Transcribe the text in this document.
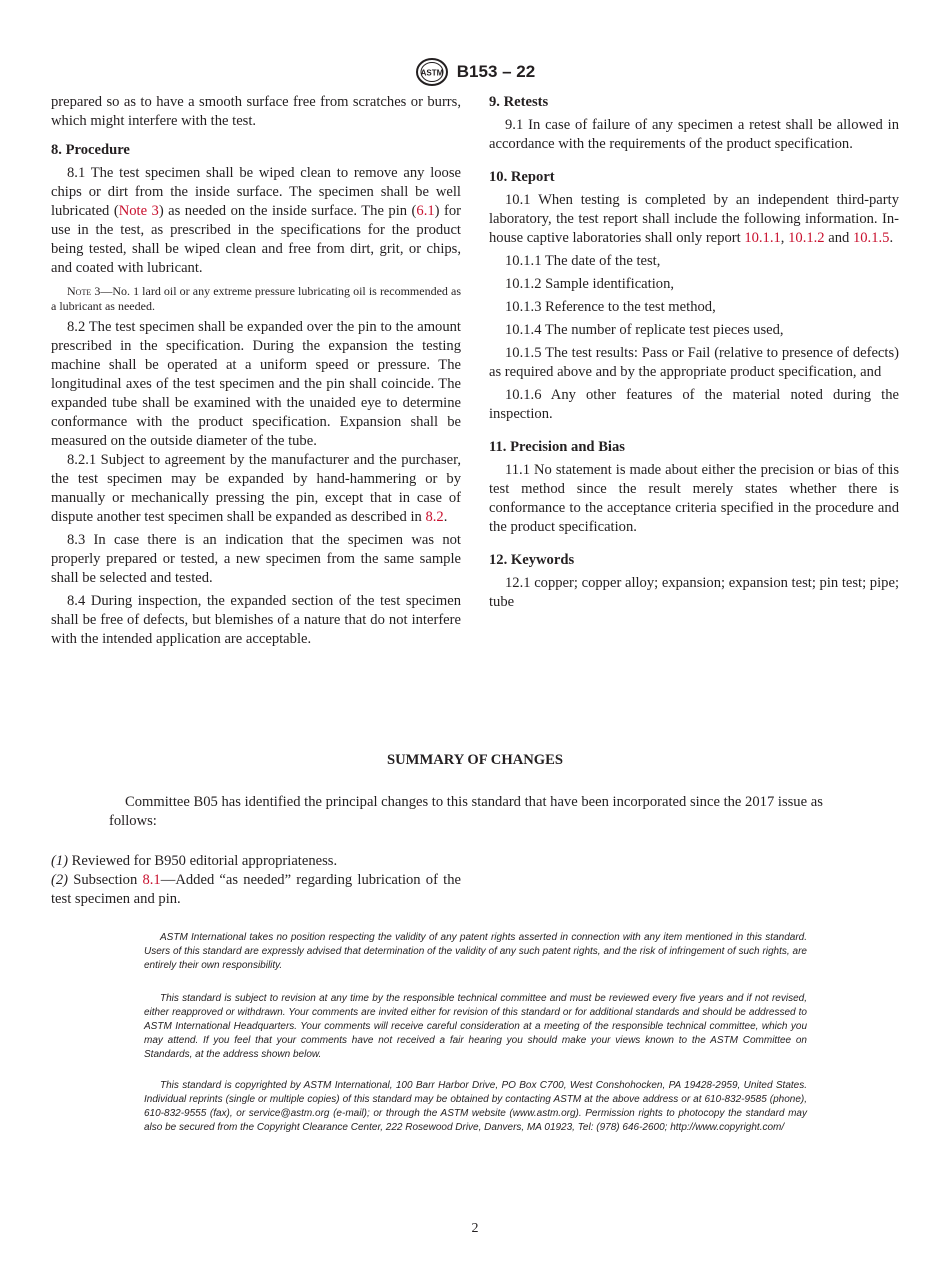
ASTM B153 – 22

prepared so as to have a smooth surface free from scratches or burrs, which might interfere with the test.

8. Procedure

8.1 The test specimen shall be wiped clean to remove any loose chips or dirt from the inside surface. The specimen shall be well lubricated (Note 3) as needed on the inside surface. The pin (6.1) for use in the test, as prescribed in the specifications for the product being tested, shall be wiped clean and free from dirt, grit, or chips, and coated with lubricant.

Note 3—No. 1 lard oil or any extreme pressure lubricating oil is recommended as a lubricant as needed.

8.2 The test specimen shall be expanded over the pin to the amount prescribed in the specification. During the expansion the testing machine shall be operated at a uniform speed or pressure. The longitudinal axes of the test specimen and the pin shall coincide. The expanded tube shall be examined with the unaided eye to determine conformance with the product specification. Expansion shall be measured on the outside diameter of the tube.

8.2.1 Subject to agreement by the manufacturer and the purchaser, the test specimen may be expanded by hand-hammering or by manually or mechanically pressing the pin, except that in case of dispute another test specimen shall be expanded as described in 8.2.

8.3 In case there is an indication that the specimen was not properly prepared or tested, a new specimen from the same sample shall be selected and tested.

8.4 During inspection, the expanded section of the test specimen shall be free of defects, but blemishes of a nature that do not interfere with the intended application are acceptable.

9. Retests

9.1 In case of failure of any specimen a retest shall be allowed in accordance with the requirements of the product specification.

10. Report

10.1 When testing is completed by an independent third-party laboratory, the test report shall include the following information. In-house captive laboratories shall only report 10.1.1, 10.1.2 and 10.1.5.

10.1.1 The date of the test,

10.1.2 Sample identification,

10.1.3 Reference to the test method,

10.1.4 The number of replicate test pieces used,

10.1.5 The test results: Pass or Fail (relative to presence of defects) as required above and by the appropriate product specification, and

10.1.6 Any other features of the material noted during the inspection.

11. Precision and Bias

11.1 No statement is made about either the precision or bias of this test method since the result merely states whether there is conformance to the acceptance criteria specified in the procedure and the product specification.

12. Keywords

12.1 copper; copper alloy; expansion; expansion test; pin test; pipe; tube

SUMMARY OF CHANGES

Committee B05 has identified the principal changes to this standard that have been incorporated since the 2017 issue as follows:

(1) Reviewed for B950 editorial appropriateness.

(2) Subsection 8.1—Added “as needed” regarding lubrication of the test specimen and pin.

ASTM International takes no position respecting the validity of any patent rights asserted in connection with any item mentioned in this standard. Users of this standard are expressly advised that determination of the validity of any such patent rights, and the risk of infringement of such rights, are entirely their own responsibility.

This standard is subject to revision at any time by the responsible technical committee and must be reviewed every five years and if not revised, either reapproved or withdrawn. Your comments are invited either for revision of this standard or for additional standards and should be addressed to ASTM International Headquarters. Your comments will receive careful consideration at a meeting of the responsible technical committee, which you may attend. If you feel that your comments have not received a fair hearing you should make your views known to the ASTM Committee on Standards, at the address shown below.

This standard is copyrighted by ASTM International, 100 Barr Harbor Drive, PO Box C700, West Conshohocken, PA 19428-2959, United States. Individual reprints (single or multiple copies) of this standard may be obtained by contacting ASTM at the above address or at 610-832-9585 (phone), 610-832-9555 (fax), or service@astm.org (e-mail); or through the ASTM website (www.astm.org). Permission rights to photocopy the standard may also be secured from the Copyright Clearance Center, 222 Rosewood Drive, Danvers, MA 01923, Tel: (978) 646-2600; http://www.copyright.com/

2
